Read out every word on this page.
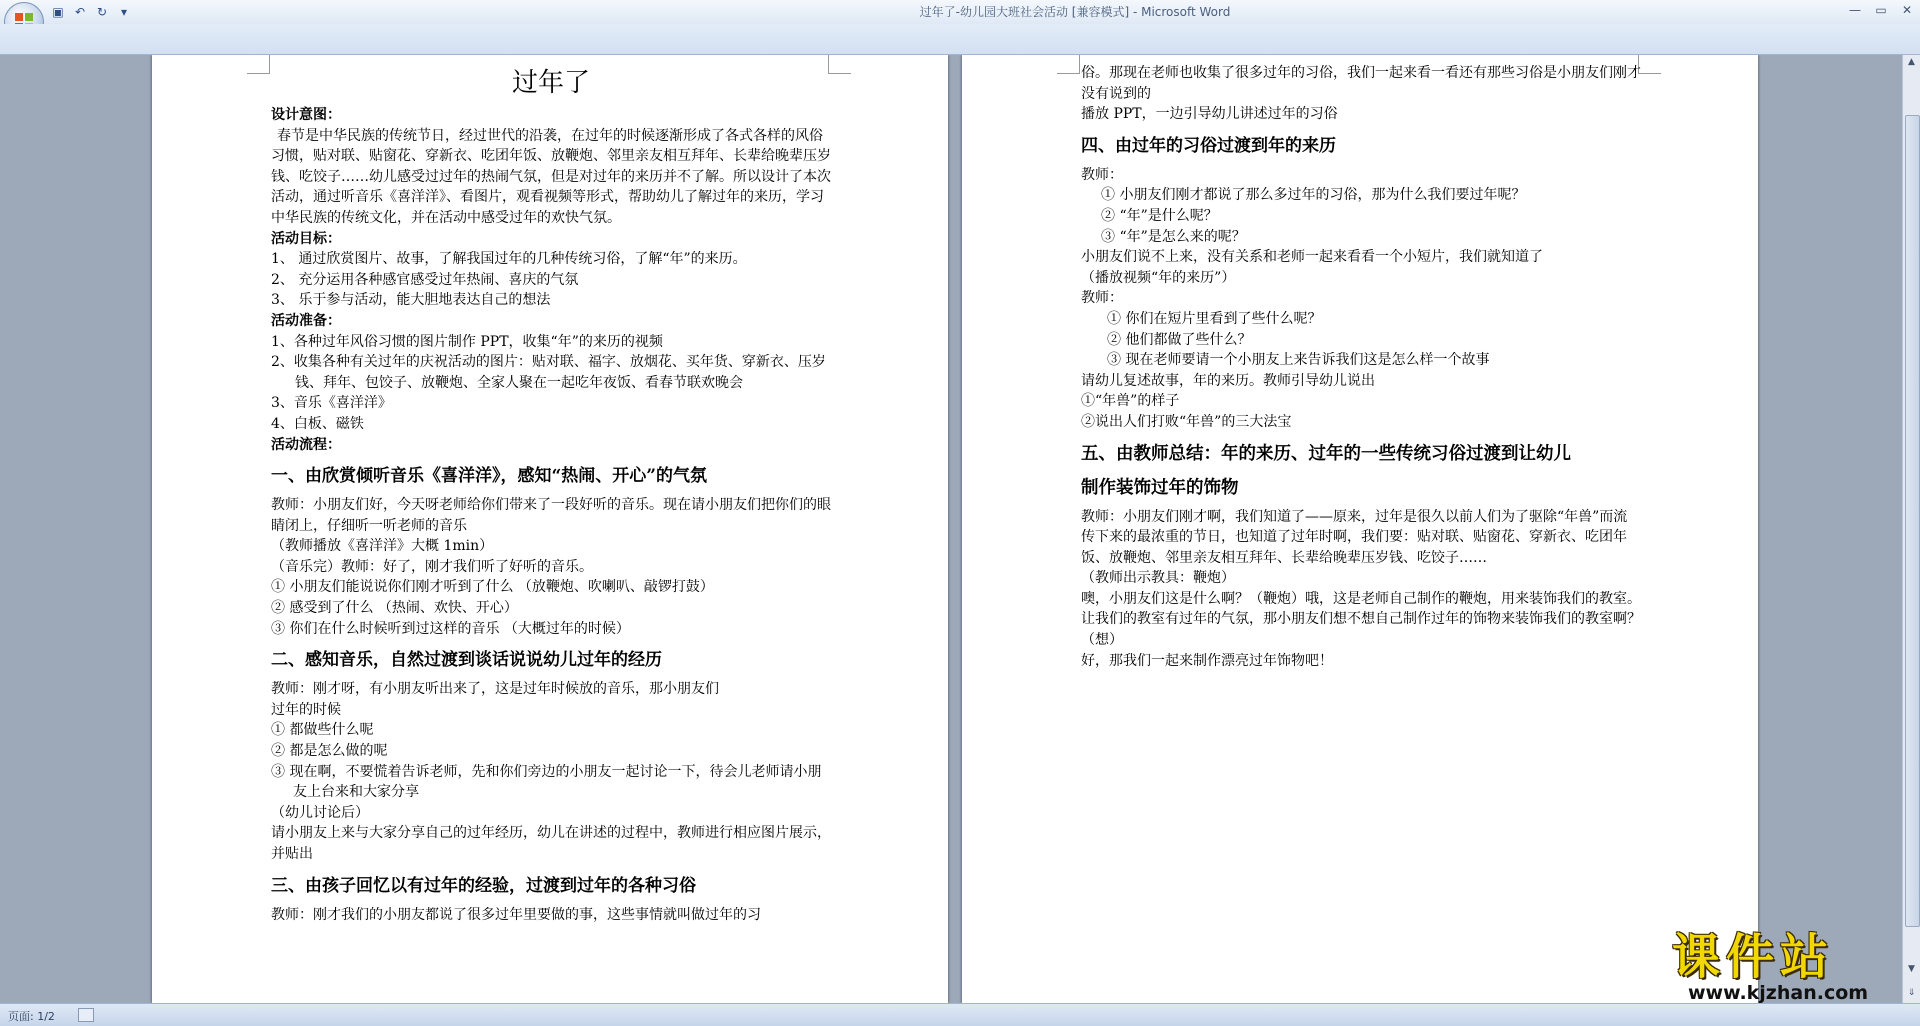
▣ ↶ ↻	▾	过年了-幼儿园大班社会活动 [兼容模式] - Microsoft Word	—	▭	✕

过年了

设计意图：

春节是中华民族的传统节日，经过世代的沿袭，在过年的时候逐渐形成了各式各样的风俗习惯，贴对联、贴窗花、穿新衣、吃团年饭、放鞭炮、邻里亲友相互拜年、长辈给晚辈压岁钱、吃饺子……幼儿感受过过年的热闹气氛，但是对过年的来历并不了解。所以设计了本次活动，通过听音乐《喜洋洋》、看图片，观看视频等形式，帮助幼儿了解过年的来历，学习中华民族的传统文化，并在活动中感受过年的欢快气氛。

活动目标：

1、 通过欣赏图片、故事，了解我国过年的几种传统习俗，了解“年”的来历。

2、 充分运用各种感官感受过年热闹、喜庆的气氛

3、 乐于参与活动，能大胆地表达自己的想法

活动准备：

1、各种过年风俗习惯的图片制作 PPT，收集“年”的来历的视频

2、收集各种有关过年的庆祝活动的图片：贴对联、福字、放烟花、买年货、穿新衣、压岁钱、拜年、包饺子、放鞭炮、全家人聚在一起吃年夜饭、看春节联欢晚会

3、音乐《喜洋洋》

4、白板、磁铁

活动流程：

一、由欣赏倾听音乐《喜洋洋》，感知“热闹、开心”的气氛

教师：小朋友们好，今天呀老师给你们带来了一段好听的音乐。现在请小朋友们把你们的眼睛闭上，仔细听一听老师的音乐

（教师播放《喜洋洋》大概 1min）

（音乐完）教师：好了，刚才我们听了好听的音乐。

① 小朋友们能说说你们刚才听到了什么 （放鞭炮、吹喇叭、敲锣打鼓）

② 感受到了什么 （热闹、欢快、开心）

③ 你们在什么时候听到过这样的音乐 （大概过年的时候）

二、感知音乐，自然过渡到谈话说说幼儿过年的经历

教师：刚才呀，有小朋友听出来了，这是过年时候放的音乐，那小朋友们

过年的时候

① 都做些什么呢

② 都是怎么做的呢

③ 现在啊，不要慌着告诉老师，先和你们旁边的小朋友一起讨论一下，待会儿老师请小朋友上台来和大家分享

（幼儿讨论后）

请小朋友上来与大家分享自己的过年经历，幼儿在讲述的过程中，教师进行相应图片展示，并贴出

三、由孩子回忆以有过年的经验，过渡到过年的各种习俗

教师：刚才我们的小朋友都说了很多过年里要做的事，这些事情就叫做过年的习

俗。那现在老师也收集了很多过年的习俗，我们一起来看一看还有那些习俗是小朋友们刚才没有说到的

播放 PPT，一边引导幼儿讲述过年的习俗

四、由过年的习俗过渡到年的来历

教师：

① 小朋友们刚才都说了那么多过年的习俗，那为什么我们要过年呢？

② “年”是什么呢？

③ “年”是怎么来的呢？

小朋友们说不上来，没有关系和老师一起来看看一个小短片，我们就知道了

（播放视频“年的来历”）

教师：

① 你们在短片里看到了些什么呢？

② 他们都做了些什么？

③ 现在老师要请一个小朋友上来告诉我们这是怎么样一个故事

请幼儿复述故事，年的来历。教师引导幼儿说出

①“年兽”的样子

②说出人们打败“年兽”的三大法宝

五、由教师总结：年的来历、过年的一些传统习俗过渡到让幼儿

制作装饰过年的饰物

教师：小朋友们刚才啊，我们知道了——原来，过年是很久以前人们为了驱除“年兽”而流传下来的最浓重的节日，也知道了过年时啊，我们要：贴对联、贴窗花、穿新衣、吃团年饭、放鞭炮、邻里亲友相互拜年、长辈给晚辈压岁钱、吃饺子……

（教师出示教具：鞭炮）

噢，小朋友们这是什么啊？（鞭炮）哦，这是老师自己制作的鞭炮，用来装饰我们的教室。让我们的教室有过年的气氛，那小朋友们想不想自己制作过年的饰物来装饰我们的教室啊？（想）

好，那我们一起来制作漂亮过年饰物吧！

▲
▼
⇓
页面: 1/2
课件站
www.kjzhan.com
